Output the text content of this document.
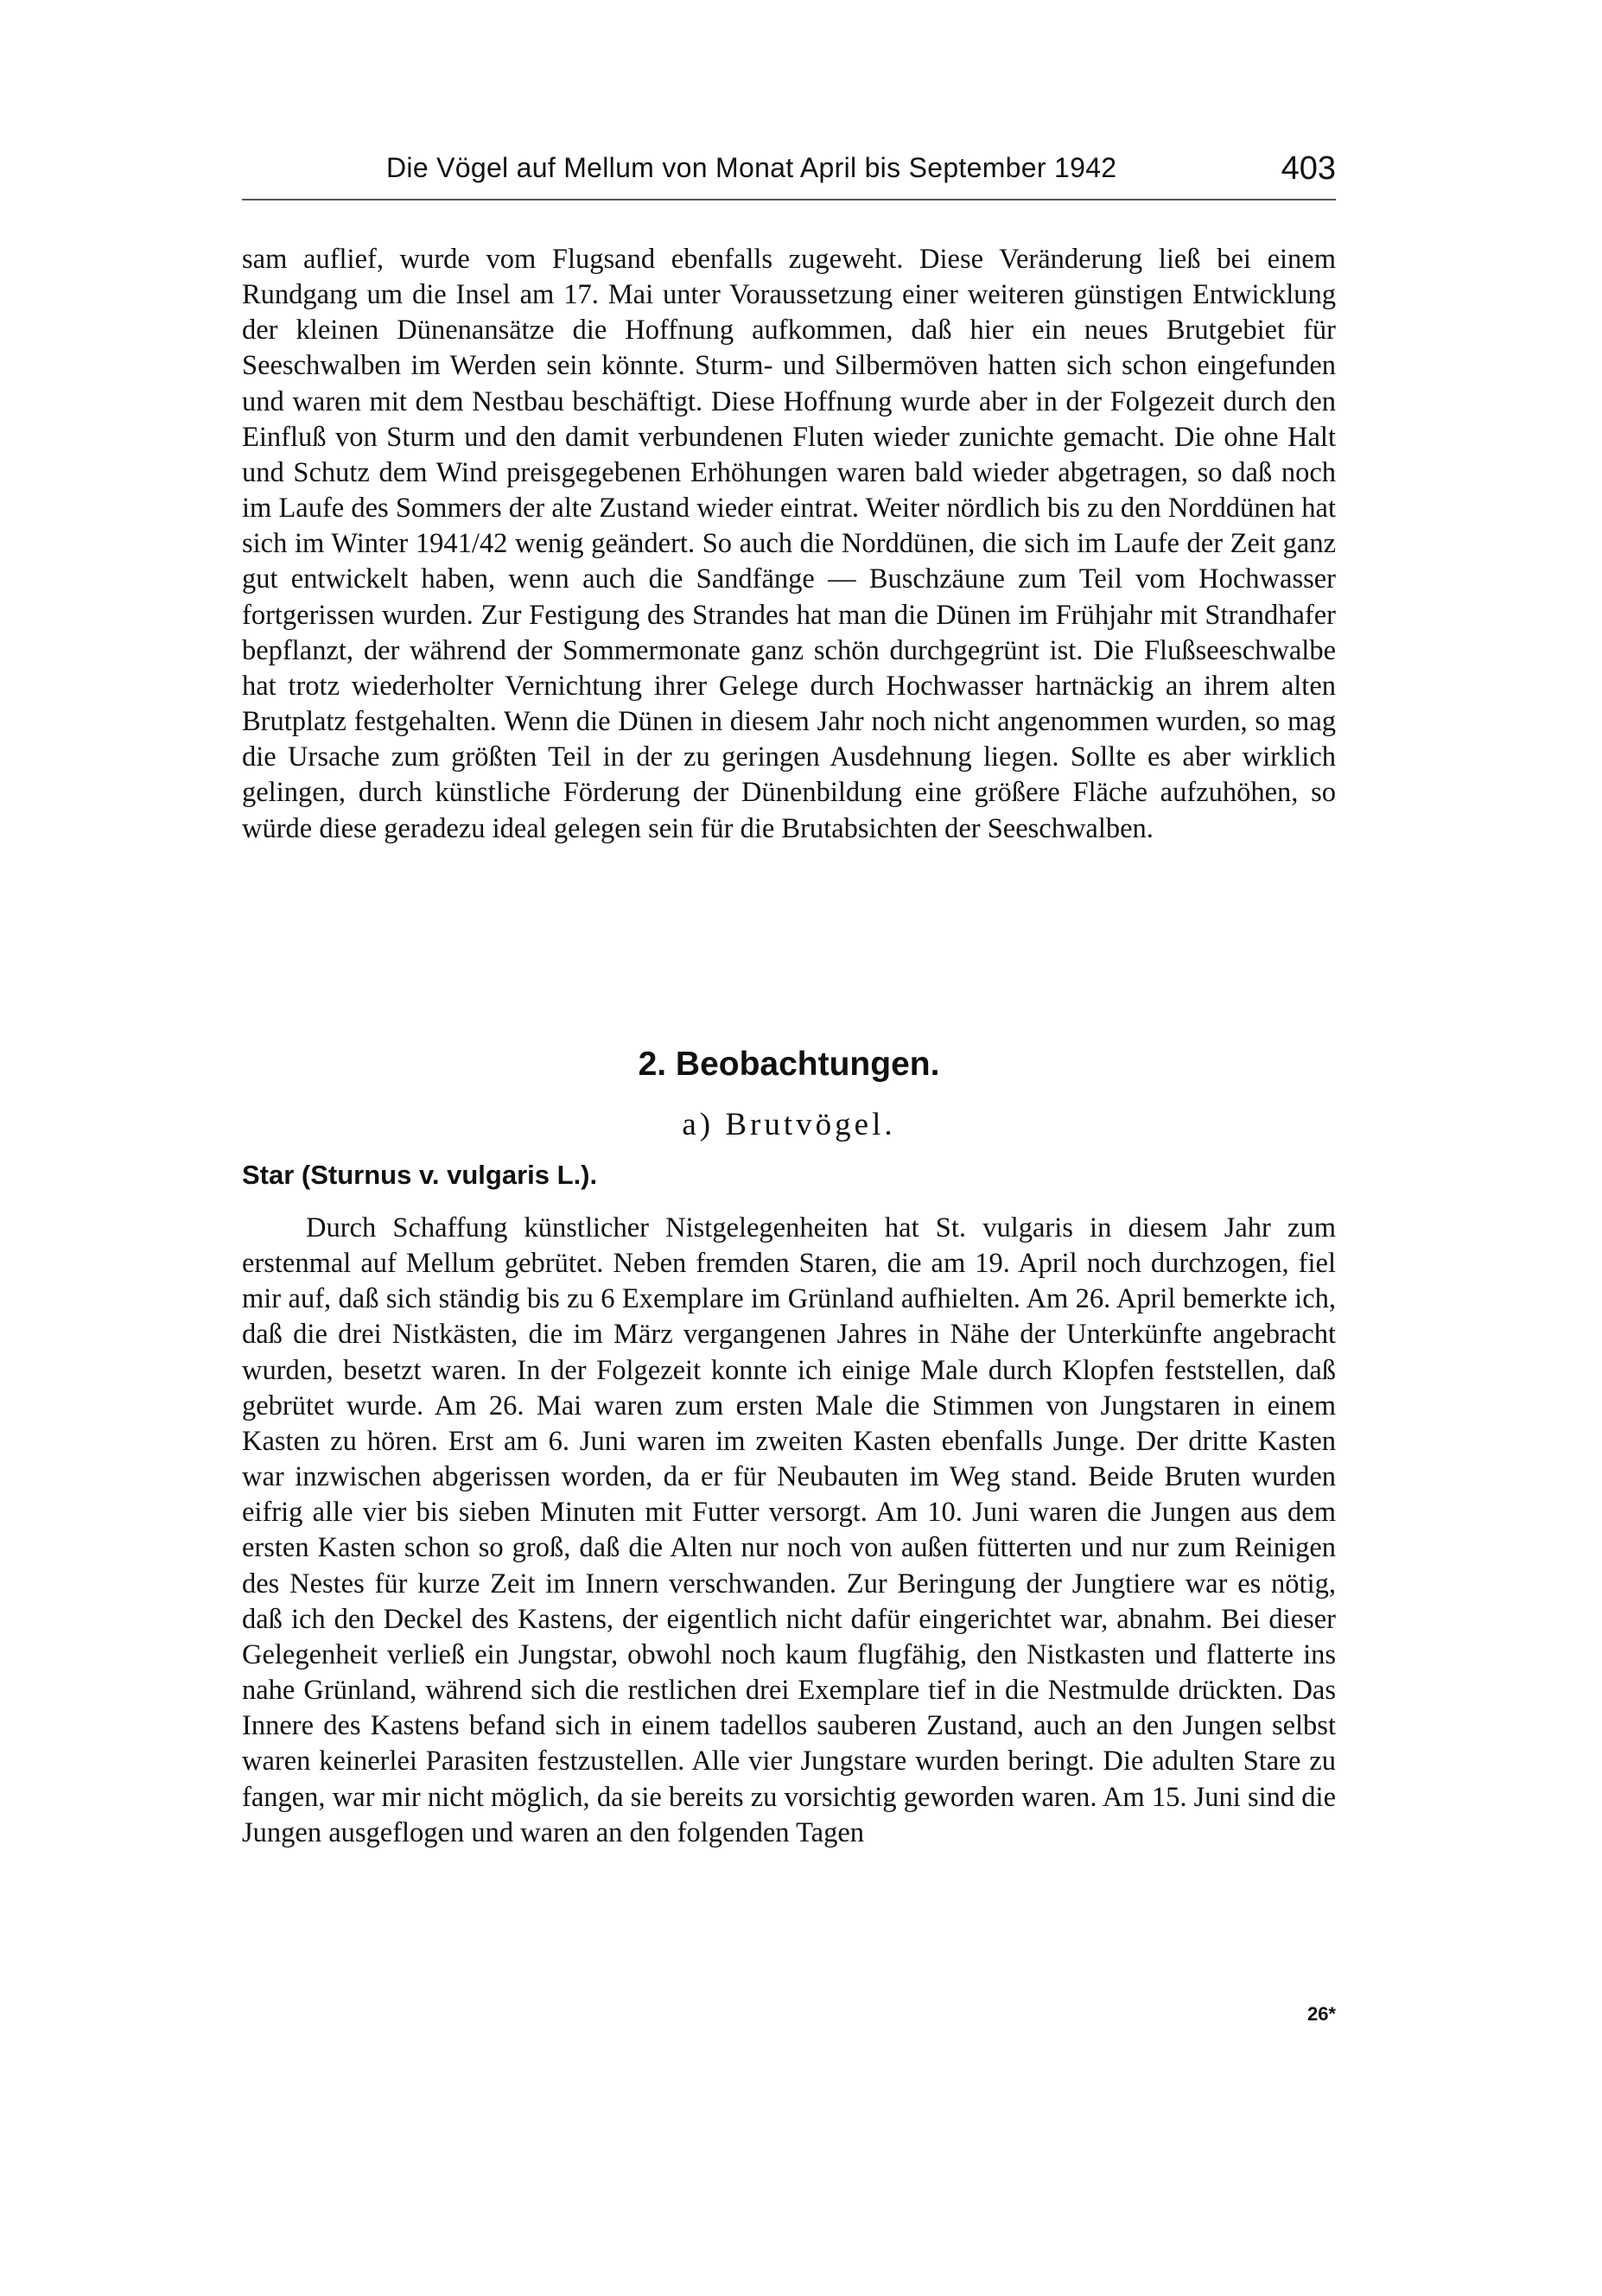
Die Vögel auf Mellum von Monat April bis September 1942	403

sam auflief, wurde vom Flugsand ebenfalls zugeweht. Diese Veränderung ließ bei einem Rundgang um die Insel am 17. Mai unter Voraussetzung einer weiteren günstigen Entwicklung der kleinen Dünenansätze die Hoffnung aufkommen, daß hier ein neues Brutgebiet für Seeschwalben im Werden sein könnte. Sturm- und Silbermöven hatten sich schon eingefunden und waren mit dem Nestbau beschäftigt. Diese Hoffnung wurde aber in der Folgezeit durch den Einfluß von Sturm und den damit verbundenen Fluten wieder zunichte gemacht. Die ohne Halt und Schutz dem Wind preisgegebenen Erhöhungen waren bald wieder abgetragen, so daß noch im Laufe des Sommers der alte Zustand wieder eintrat. Weiter nördlich bis zu den Norddünen hat sich im Winter 1941/42 wenig geändert. So auch die Norddünen, die sich im Laufe der Zeit ganz gut entwickelt haben, wenn auch die Sandfänge — Buschzäune zum Teil vom Hochwasser fortgerissen wurden. Zur Festigung des Strandes hat man die Dünen im Frühjahr mit Strandhafer bepflanzt, der während der Sommermonate ganz schön durchgegrünt ist. Die Flußseeschwalbe hat trotz wiederholter Vernichtung ihrer Gelege durch Hochwasser hartnäckig an ihrem alten Brutplatz festgehalten. Wenn die Dünen in diesem Jahr noch nicht angenommen wurden, so mag die Ursache zum größten Teil in der zu geringen Ausdehnung liegen. Sollte es aber wirklich gelingen, durch künstliche Förderung der Dünenbildung eine größere Fläche aufzuhöhen, so würde diese geradezu ideal gelegen sein für die Brutabsichten der Seeschwalben.

2. Beobachtungen.
a) Brutvögel.
Star (Sturnus v. vulgaris L.).

Durch Schaffung künstlicher Nistgelegenheiten hat St. vulgaris in diesem Jahr zum erstenmal auf Mellum gebrütet. Neben fremden Staren, die am 19. April noch durchzogen, fiel mir auf, daß sich ständig bis zu 6 Exemplare im Grünland aufhielten. Am 26. April bemerkte ich, daß die drei Nistkästen, die im März vergangenen Jahres in Nähe der Unterkünfte angebracht wurden, besetzt waren. In der Folgezeit konnte ich einige Male durch Klopfen feststellen, daß gebrütet wurde. Am 26. Mai waren zum ersten Male die Stimmen von Jungstaren in einem Kasten zu hören. Erst am 6. Juni waren im zweiten Kasten ebenfalls Junge. Der dritte Kasten war inzwischen abgerissen worden, da er für Neubauten im Weg stand. Beide Bruten wurden eifrig alle vier bis sieben Minuten mit Futter versorgt. Am 10. Juni waren die Jungen aus dem ersten Kasten schon so groß, daß die Alten nur noch von außen fütterten und nur zum Reinigen des Nestes für kurze Zeit im Innern verschwanden. Zur Beringung der Jungtiere war es nötig, daß ich den Deckel des Kastens, der eigentlich nicht dafür eingerichtet war, abnahm. Bei dieser Gelegenheit verließ ein Jungstar, obwohl noch kaum flugfähig, den Nistkasten und flatterte ins nahe Grünland, während sich die restlichen drei Exemplare tief in die Nestmulde drückten. Das Innere des Kastens befand sich in einem tadellos sauberen Zustand, auch an den Jungen selbst waren keinerlei Parasiten festzustellen. Alle vier Jungstare wurden beringt. Die adulten Stare zu fangen, war mir nicht möglich, da sie bereits zu vorsichtig geworden waren. Am 15. Juni sind die Jungen ausgeflogen und waren an den folgenden Tagen

26*
